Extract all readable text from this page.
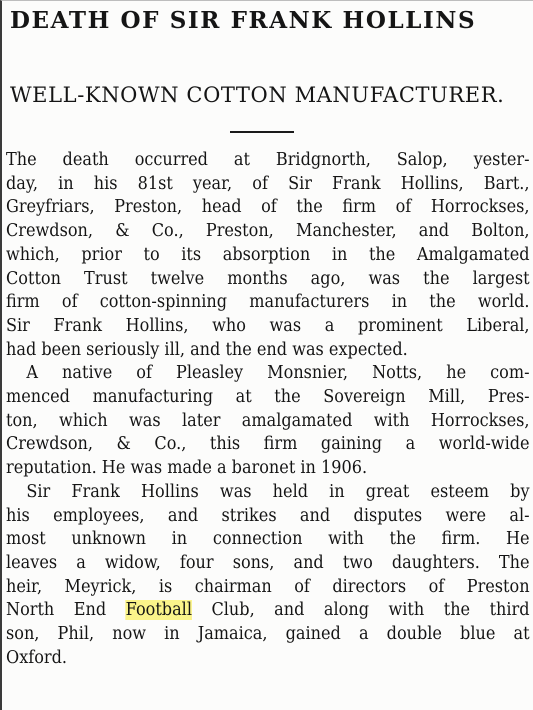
DEATH OF SIR FRANK HOLLINS
WELL-KNOWN COTTON MANUFACTURER.
The death occurred at Bridgnorth, Salop, yester-
day, in his 81st year, of Sir Frank Hollins, Bart.,
Greyfriars, Preston, head of the firm of Horrockses,
Crewdson, & Co., Preston, Manchester, and Bolton,
which, prior to its absorption in the Amalgamated
Cotton Trust twelve months ago, was the largest
firm of cotton-spinning manufacturers in the world.
Sir Frank Hollins, who was a prominent Liberal,
had been seriously ill, and the end was expected.
A native of Pleasley Monsnier, Notts, he com-
menced manufacturing at the Sovereign Mill, Pres-
ton, which was later amalgamated with Horrockses,
Crewdson, & Co., this firm gaining a world-wide
reputation. He was made a baronet in 1906.
Sir Frank Hollins was held in great esteem by
his employees, and strikes and disputes were al-
most unknown in connection with the firm. He
leaves a widow, four sons, and two daughters. The
heir, Meyrick, is chairman of directors of Preston
North End Football Club, and along with the third
son, Phil, now in Jamaica, gained a double blue at
Oxford.
